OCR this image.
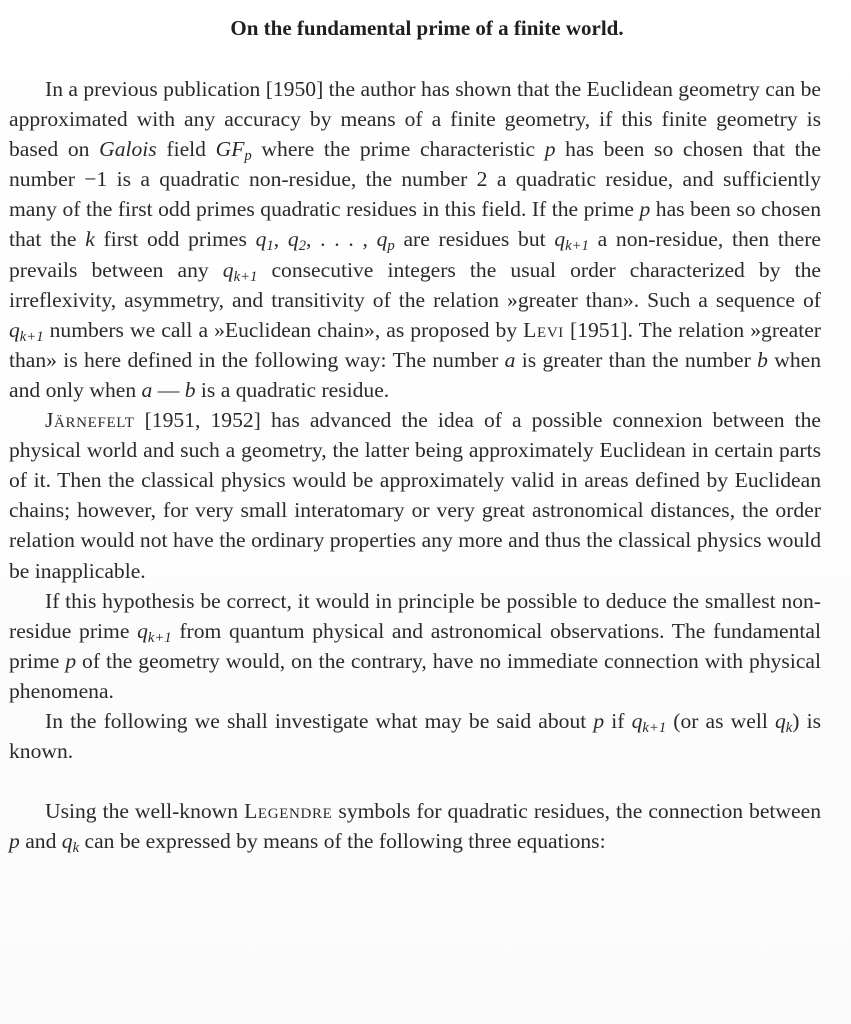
On the fundamental prime of a finite world.

In a previous publication [1950] the author has shown that the Euclidean geometry can be approximated with any accuracy by means of a finite geometry, if this finite geometry is based on Galois field $GF_p$ where the prime characteristic p has been so chosen that the number −1 is a quadratic non-residue, the number 2 a quadratic residue, and sufficiently many of the first odd primes quadratic residues in this field. If the prime p has been so chosen that the k first odd primes $q_1$, $q_2$, . . . , $q_p$ are residues but $q_{k+1}$ a non-residue, then there prevails between any $q_{k+1}$ consecutive integers the usual order characterized by the irreflexivity, asymmetry, and transitivity of the relation »greater than». Such a sequence of $q_{k+1}$ numbers we call a »Euclidean chain», as proposed by Levi [1951]. The relation »greater than» is here defined in the following way: The number a is greater than the number b when and only when a — b is a quadratic residue.

Järnefelt [1951, 1952] has advanced the idea of a possible connexion between the physical world and such a geometry, the latter being approximately Euclidean in certain parts of it. Then the classical physics would be approximately valid in areas defined by Euclidean chains; however, for very small interatomary or very great astronomical distances, the order relation would not have the ordinary properties any more and thus the classical physics would be inapplicable.

If this hypothesis be correct, it would in principle be possible to deduce the smallest non-residue prime $q_{k+1}$ from quantum physical and astronomical observations. The fundamental prime p of the geometry would, on the contrary, have no immediate connection with physical phenomena.

In the following we shall investigate what may be said about p if $q_{k+1}$ (or as well $q_k$) is known.

Using the well-known Legendre symbols for quadratic residues, the connection between p and $q_k$ can be expressed by means of the following three equations:
